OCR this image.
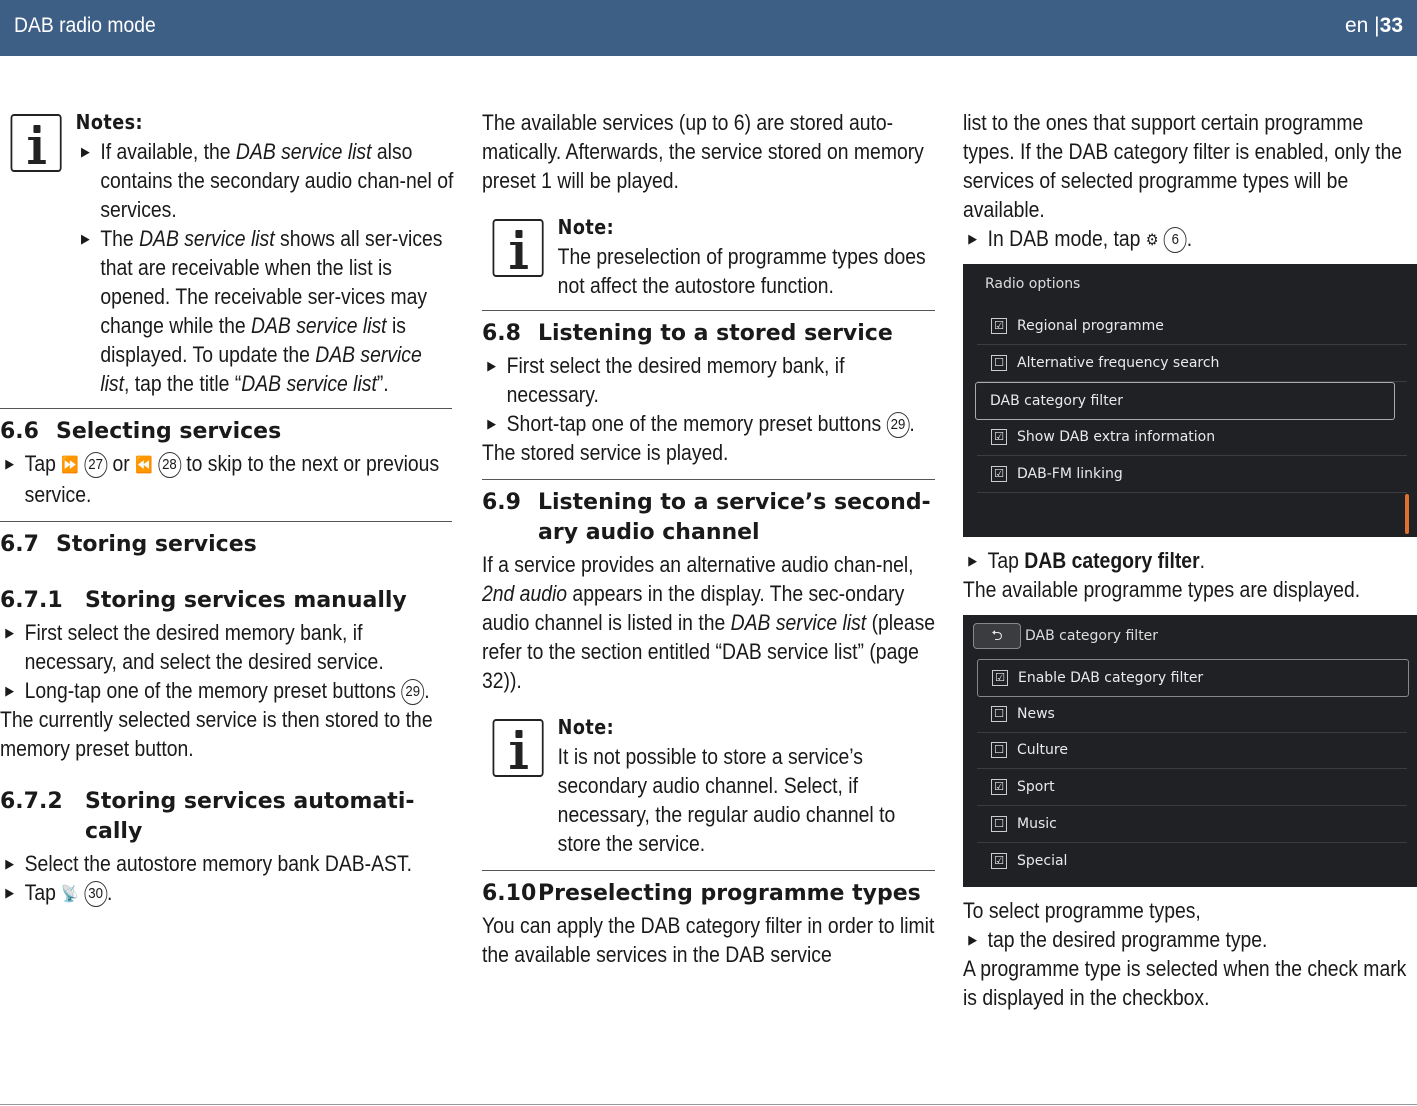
DAB radio mode	en |33

Notes:

▶ If available, the DAB service list also contains the secondary audio chan-nel of services.

▶ The DAB service list shows all ser-vices that are receivable when the list is opened. The receivable ser-vices may change while the DAB service list is displayed. To update the DAB service list, tap the title “DAB service list”.

6.6 Selecting services

▶ Tap ⏩ 27 or ⏪ 28 to skip to the next or previous service.

6.7 Storing services
6.7.1	Storing services manually

▶ First select the desired memory bank, if necessary, and select the desired service.

▶ Long-tap one of the memory preset buttons 29 .

The currently selected service is then stored to the memory preset button.

6.7.2	Storing services automati-cally

▶ Select the autostore memory bank DAB-AST.

▶ Tap 📡 30 .

The available services (up to 6) are stored auto-matically. Afterwards, the service stored on memory preset 1 will be played.

Note:

The preselection of programme types does not affect the autostore function.

6.8 Listening to a stored service

▶ First select the desired memory bank, if necessary.

▶ Short-tap one of the memory preset buttons 29 .

The stored service is played.

6.9 Listening to a service’s second-ary audio channel

If a service provides an alternative audio chan-nel, 2nd audio appears in the display. The sec-ondary audio channel is listed in the DAB service list (please refer to the section entitled “DAB service list” (page 32)).

Note:

It is not possible to store a service’s secondary audio channel. Select, if necessary, the regular audio channel to store the service.

6.10 Preselecting programme types

You can apply the DAB category filter in order to limit the available services in the DAB service

list to the ones that support certain programme types. If the DAB category filter is enabled, only the services of selected programme types will be available.

▶ In DAB mode, tap ⚙ 6 .

Radio options
☑ Regional programme
☐ Alternative frequency search
DAB category filter
☑ Show DAB extra information
☑ DAB-FM linking

▶ Tap DAB category filter.

The available programme types are displayed.

⮌	DAB category filter
☑ Enable DAB category filter
☐ News
☐ Culture
☑ Sport
☐ Music
☑ Special

To select programme types,

▶ tap the desired programme type.

A programme type is selected when the check mark is displayed in the checkbox.
